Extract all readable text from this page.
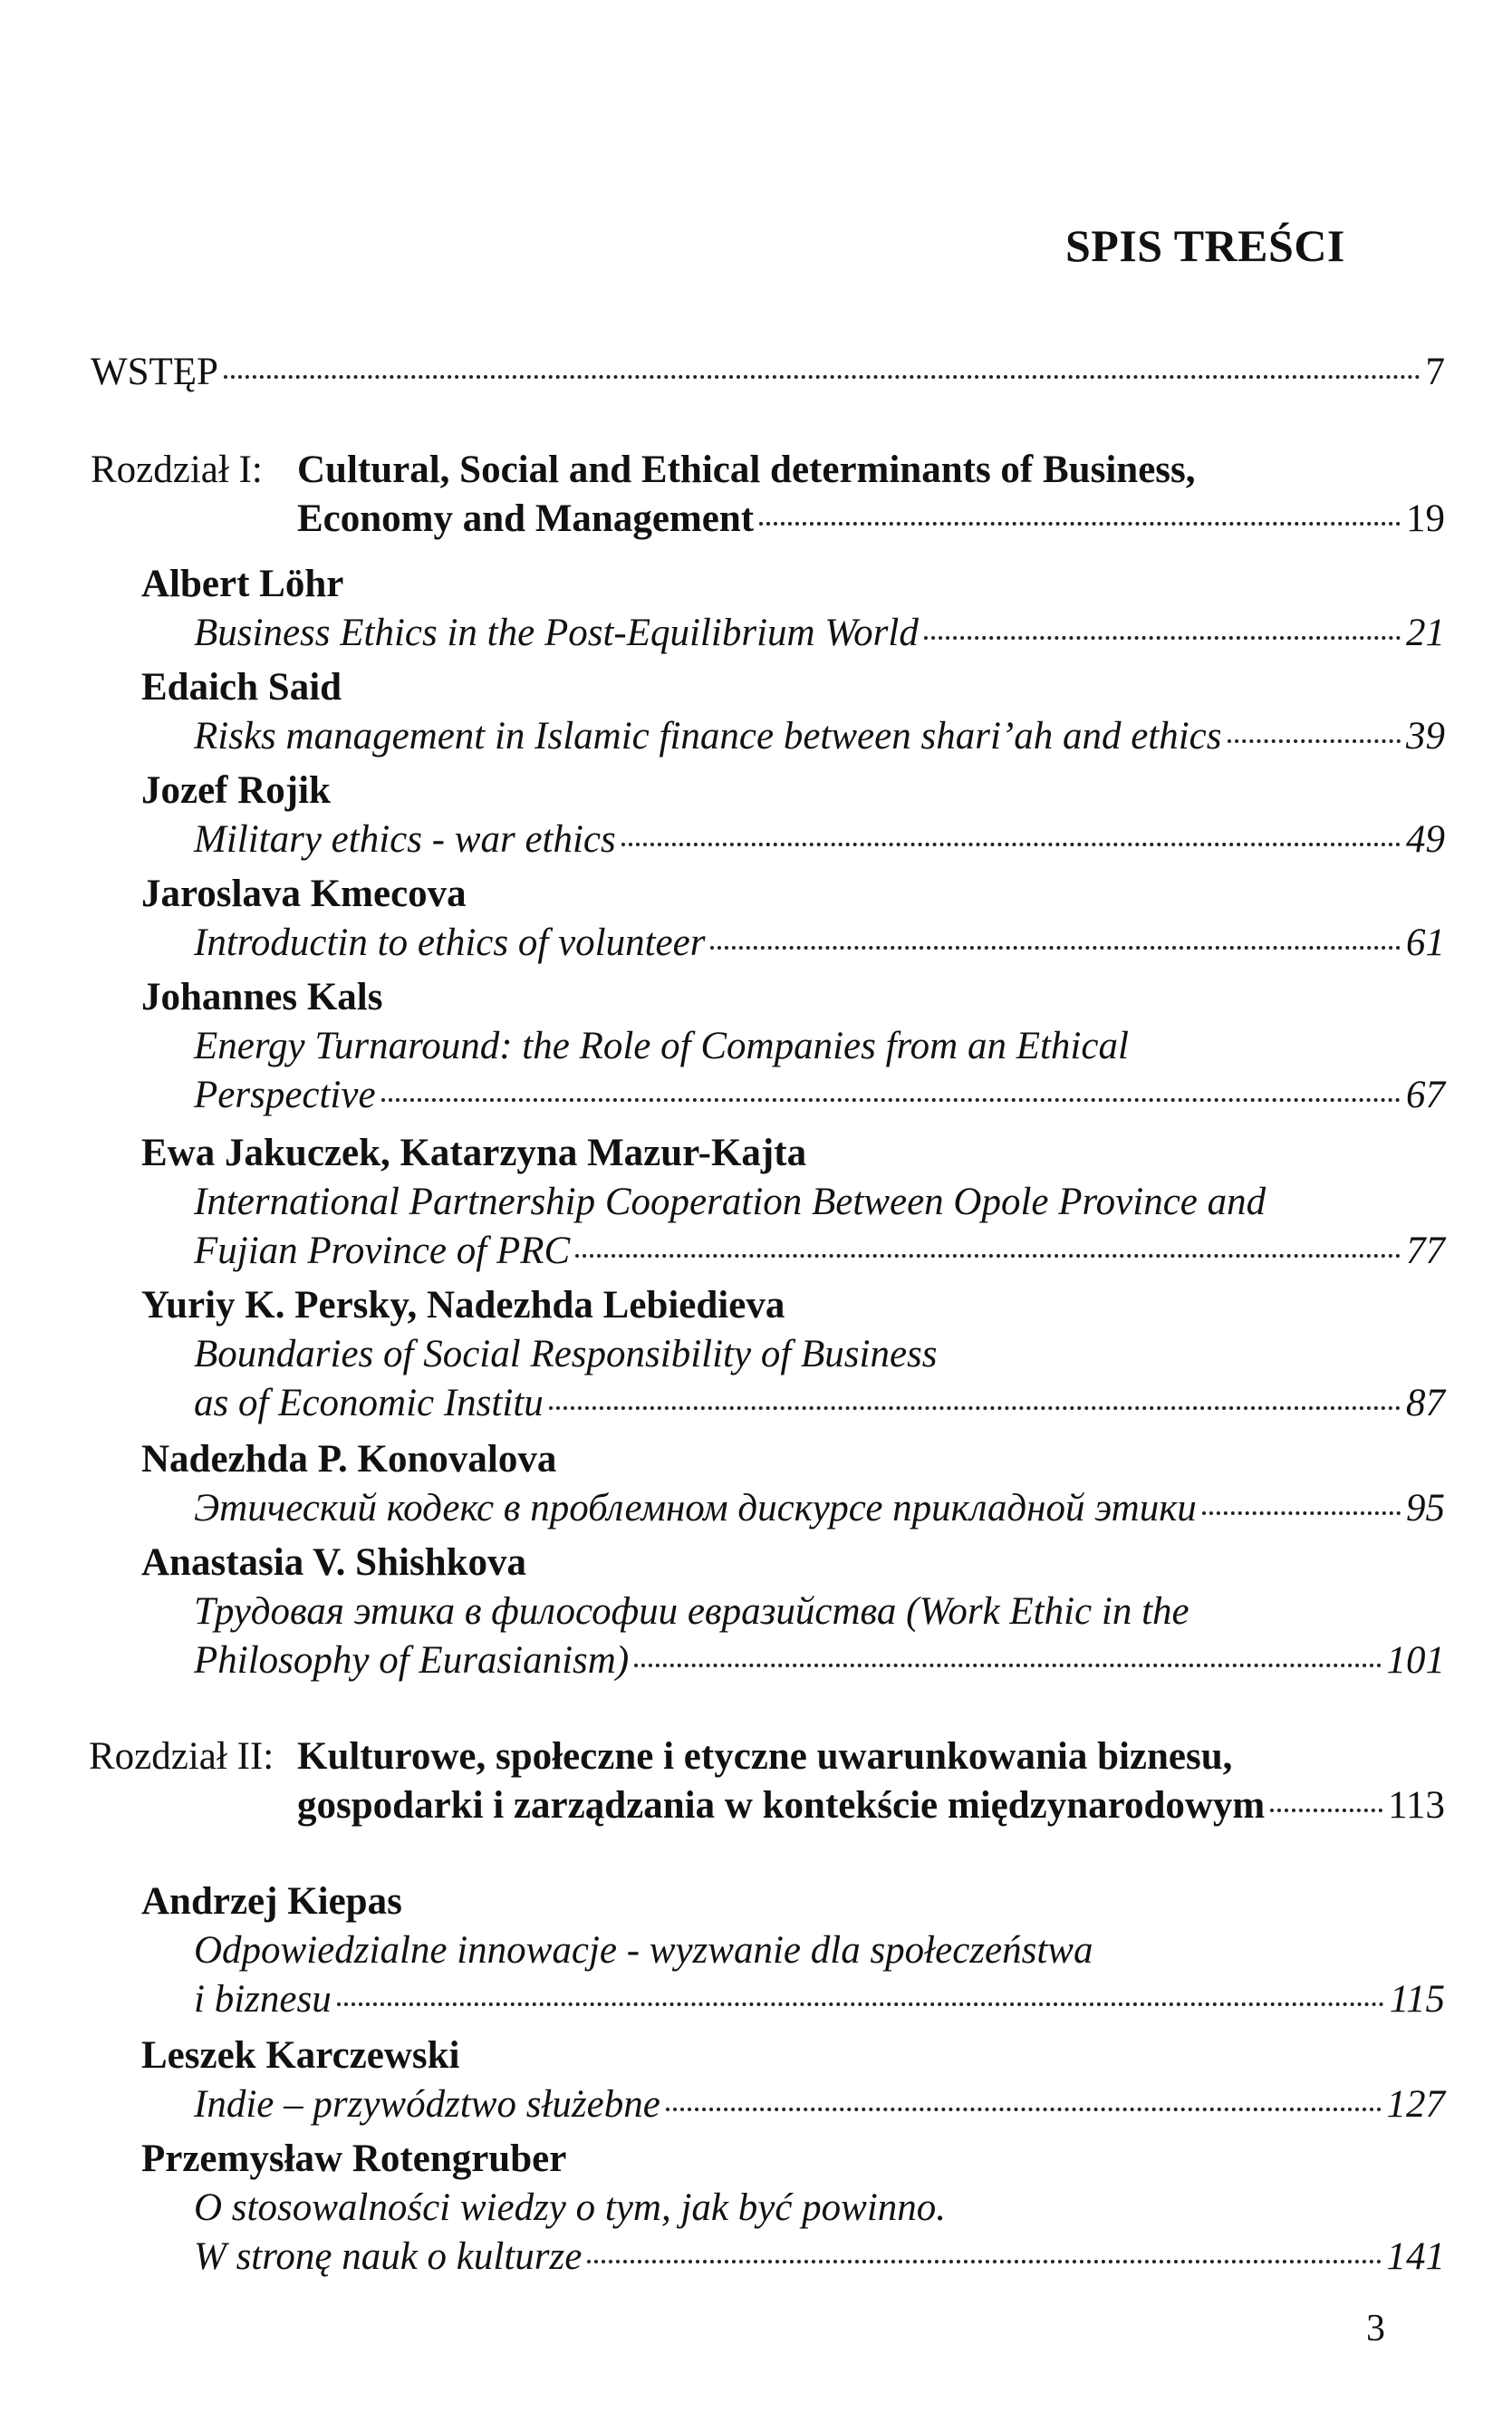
SPIS TREŚCI
WSTĘP	7
Rozdział I: Cultural, Social and Ethical determinants of Business,
Economy and Management	19
Albert Löhr
Business Ethics in the Post-Equilibrium World	21
Edaich Said
Risks management in Islamic finance between shari’ah and ethics	39
Jozef Rojik
Military ethics - war ethics	49
Jaroslava Kmecova
Introductin to ethics of volunteer	61
Johannes Kals
Energy Turnaround: the Role of Companies from an Ethical
Perspective	67
Ewa Jakuczek, Katarzyna Mazur-Kajta
International Partnership Cooperation Between Opole Province and
Fujian Province of PRC	77
Yuriy K. Persky, Nadezhda Lebiedieva
Boundaries of Social Responsibility of Business
as of Economic Institu	87
Nadezhda P. Konovalova
Этический кодекс в проблемном дискурсе прикладной этики	95
Anastasia V. Shishkova
Трудовая этика в философии евразийства (Work Ethic in the
Philosophy of Eurasianism)	101
Rozdział II: Kulturowe, społeczne i etyczne uwarunkowania biznesu,
gospodarki i zarządzania w kontekście międzynarodowym	113
Andrzej Kiepas
Odpowiedzialne innowacje - wyzwanie dla społeczeństwa
i biznesu	115
Leszek Karczewski
Indie – przywództwo służebne	127
Przemysław Rotengruber
O stosowalności wiedzy o tym, jak być powinno.
W stronę nauk o kulturze	141
3
